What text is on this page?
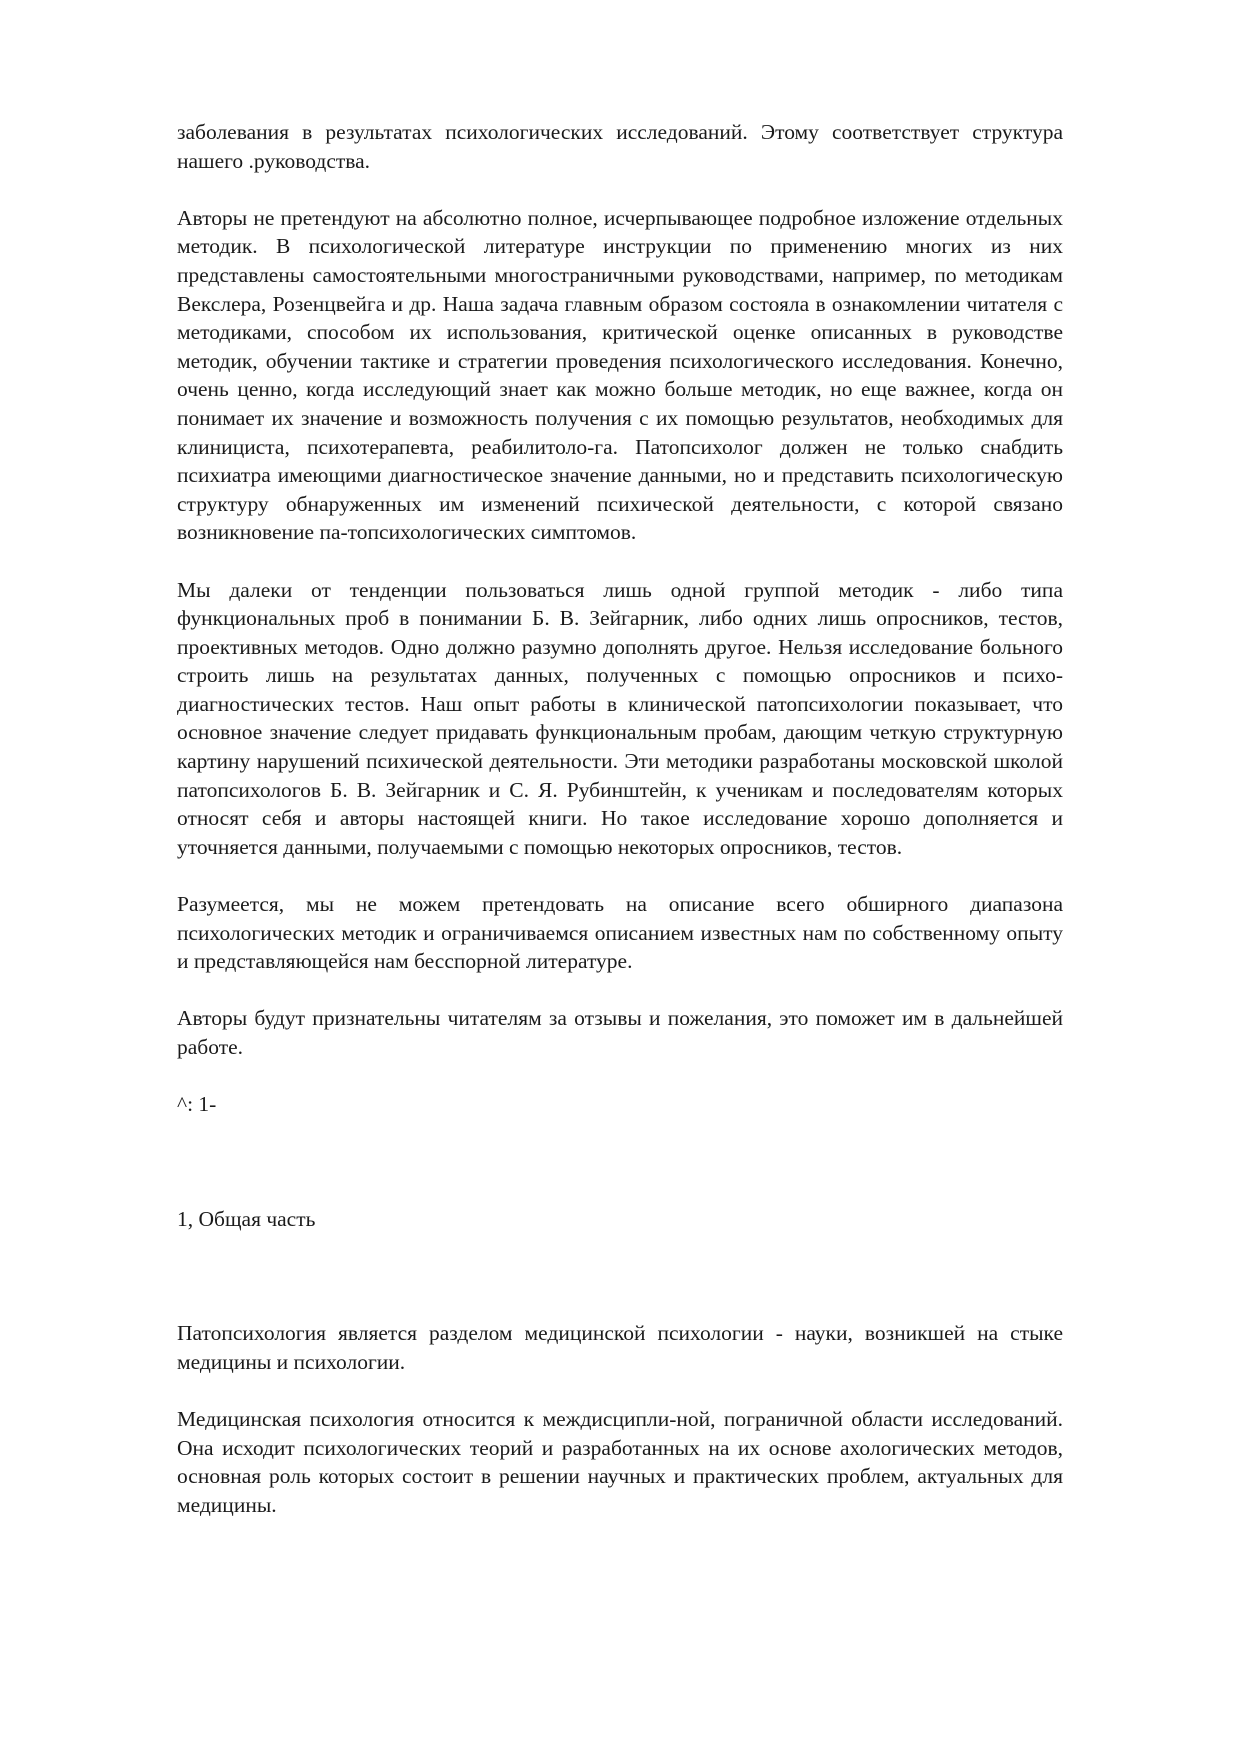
заболевания в результатах психологических исследований. Этому соответствует структура нашего .руководства.

Авторы не претендуют на абсолютно полное, исчерпывающее подробное изложение отдельных методик. В психологической литературе инструкции по применению многих из них представлены самостоятельными многостраничными руководствами, например, по методикам Векслера, Розенцвейга и др. Наша задача главным образом состояла в ознакомлении читателя с методиками, способом их использования, критической оценке описанных в руководстве методик, обучении тактике и стратегии проведения психологического исследования. Конечно, очень ценно, когда исследующий знает как можно больше методик, но еще важнее, когда он понимает их значение и возможность получения с их помощью результатов, необходимых для клинициста, психотерапевта, реабилитоло-га. Патопсихолог должен не только снабдить психиатра имеющими диагностическое значение данными, но и представить психологическую структуру обнаруженных им изменений психической деятельности, с которой связано возникновение па-топсихологических симптомов.

Мы далеки от тенденции пользоваться лишь одной группой методик - либо типа функциональных проб в понимании Б. В. Зейгарник, либо одних лишь опросников, тестов, проективных методов. Одно должно разумно дополнять другое. Нельзя исследование больного строить лишь на результатах данных, полученных с помощью опросников и психо-диагностических тестов. Наш опыт работы в клинической патопсихологии показывает, что основное значение следует придавать функциональным пробам, дающим четкую структурную картину нарушений психической деятельности. Эти методики разработаны московской школой патопсихологов Б. В. Зейгарник и С. Я. Рубинштейн, к ученикам и последователям которых относят себя и авторы настоящей книги. Но такое исследование хорошо дополняется и уточняется данными, получаемыми с помощью некоторых опросников, тестов.

Разумеется, мы не можем претендовать на описание всего обширного диапазона психологических методик и ограничиваемся описанием известных нам по собственному опыту и представляющейся нам бесспорной литературе.

Авторы будут признательны читателям за отзывы и пожелания, это поможет им в дальнейшей работе.

^: 1-

1, Общая часть

Патопсихология является разделом медицинской психологии - науки, возникшей на стыке медицины и психологии.

Медицинская психология относится к междисципли-ной, пограничной области исследований. Она исходит психологических теорий и разработанных на их основе ахологических методов, основная роль которых состоит в решении научных и практических проблем, актуальных для медицины.
